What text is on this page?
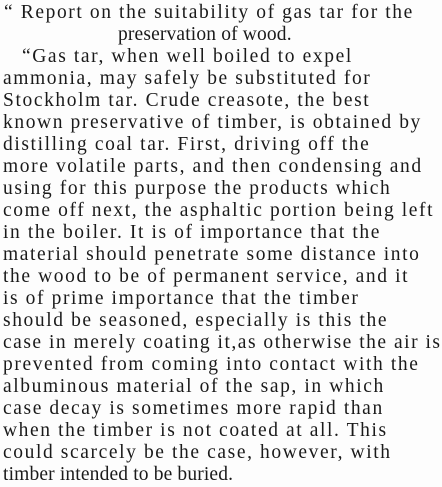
“ Report on the suitability of gas tar for the
preservation of wood.
“Gas tar, when well boiled to expel
ammonia, may safely be substituted for
Stockholm tar. Crude creasote, the best
known preservative of timber, is obtained by
distilling coal tar. First, driving off the
more volatile parts, and then condensing and
using for this purpose the products which
come off next, the asphaltic portion being left
in the boiler. It is of importance that the
material should penetrate some distance into
the wood to be of permanent service, and it
is of prime importance that the timber
should be seasoned, especially is this the
case in merely coating it,as otherwise the air is
prevented from coming into contact with the
albuminous material of the sap, in which
case decay is sometimes more rapid than
when the timber is not coated at all. This
could scarcely be the case, however, with
timber intended to be buried.
